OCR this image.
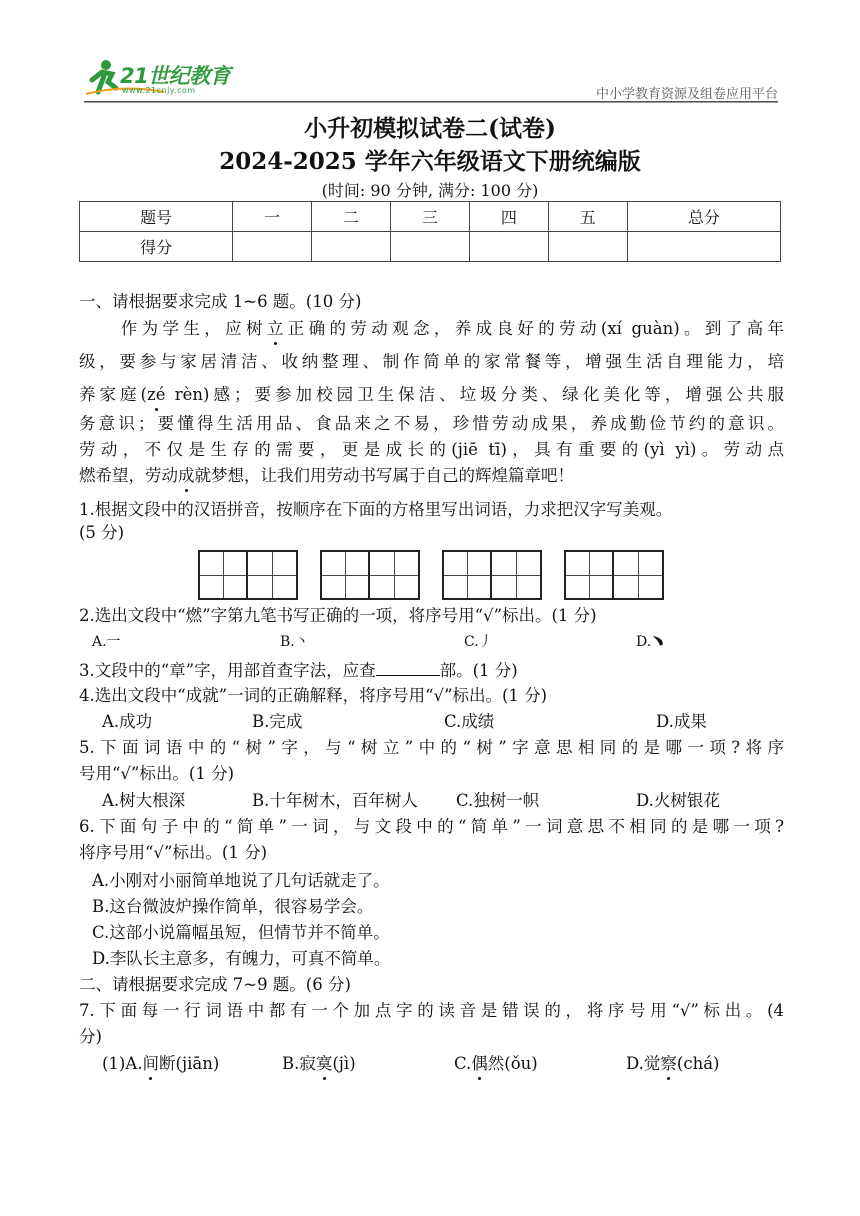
21世纪教育
www.21cnjy.com	中小学教育资源及组卷应用平台
小升初模拟试卷二(试卷)
2024-2025 学年六年级语文下册统编版
(时间: 90 分钟, 满分: 100 分)
题号	一	二	三	四	五	总分
得分						
一、请根据要求完成 1~6 题。(10 分)
　　作为学生，应树立正确的劳动观念，养成良好的劳动(xí guàn)。到了高年
级，要参与家居清洁、收纳整理、制作简单的家常餐等，增强生活自理能力，培
养家庭(zé rèn)感；要参加校园卫生保洁、垃圾分类、绿化美化等，增强公共服
务意识；要懂得生活用品、食品来之不易，珍惜劳动成果，养成勤俭节约的意识。
劳动，不仅是生存的需要，更是成长的(jiē tī)，具有重要的(yì yì)。劳动点
燃希望，劳动成就梦想，让我们用劳动书写属于自己的辉煌篇章吧！
1.根据文段中的汉语拼音，按顺序在下面的方格里写出词语，力求把汉字写美观。
(5 分)
2.选出文段中“燃”字第九笔书写正确的一项，将序号用“√”标出。(1 分)
A.一	B.丶	C.丿	D.﹅
3.文段中的“章”字，用部首查字法，应查	部。(1 分)
4.选出文段中“成就”一词的正确解释，将序号用“√”标出。(1 分)
A.成功	B.完成	C.成绩	D.成果
5.下面词语中的“树”字，与“树立”中的“树”字意思相同的是哪一项?将序
号用“√”标出。(1 分)
A.树大根深	B.十年树木，百年树人 C.独树一帜	D.火树银花
6.下面句子中的“简单”一词，与文段中的“简单”一词意思不相同的是哪一项?
将序号用“√”标出。(1 分)
A.小刚对小丽简单地说了几句话就走了。
B.这台微波炉操作简单，很容易学会。
C.这部小说篇幅虽短，但情节并不简单。
D.李队长主意多，有魄力，可真不简单。
二、请根据要求完成 7~9 题。(6 分)
7.下面每一行词语中都有一个加点字的读音是错误的，将序号用“√”标出。(4
分)
(1)A.间断(jiān)	B.寂寞(jì)	C.偶然(ǒu)	D.觉察(chá)
